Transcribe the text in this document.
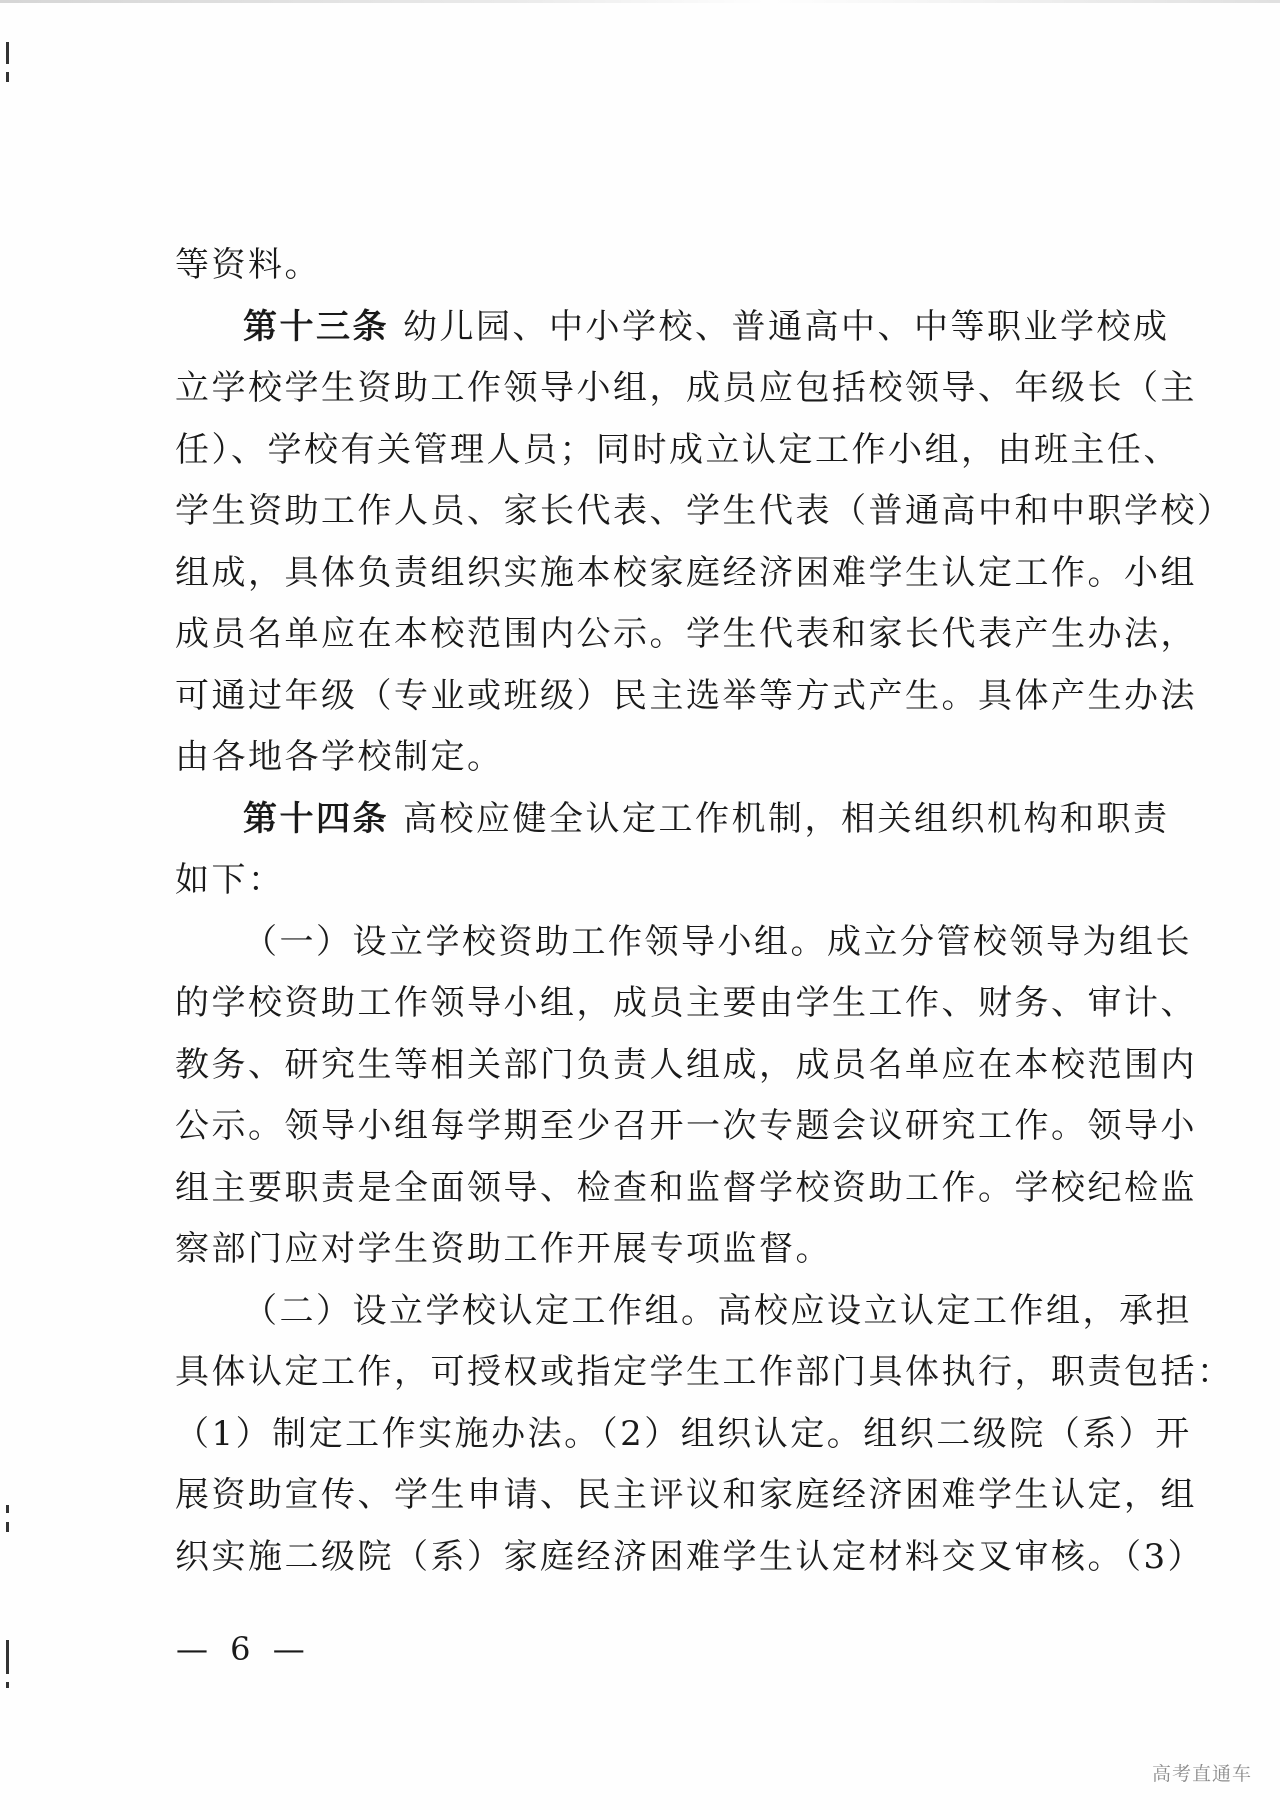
等资料。
第十三条 幼儿园、中小学校、普通高中、中等职业学校成
立学校学生资助工作领导小组，成员应包括校领导、年级长（主
任）、学校有关管理人员；同时成立认定工作小组，由班主任、
学生资助工作人员、家长代表、学生代表（普通高中和中职学校）
组成，具体负责组织实施本校家庭经济困难学生认定工作。小组
成员名单应在本校范围内公示。学生代表和家长代表产生办法，
可通过年级（专业或班级）民主选举等方式产生。具体产生办法
由各地各学校制定。
第十四条 高校应健全认定工作机制，相关组织机构和职责
如下：
（一）设立学校资助工作领导小组。成立分管校领导为组长
的学校资助工作领导小组，成员主要由学生工作、财务、审计、
教务、研究生等相关部门负责人组成，成员名单应在本校范围内
公示。领导小组每学期至少召开一次专题会议研究工作。领导小
组主要职责是全面领导、检查和监督学校资助工作。学校纪检监
察部门应对学生资助工作开展专项监督。
（二）设立学校认定工作组。高校应设立认定工作组，承担
具体认定工作，可授权或指定学生工作部门具体执行，职责包括：
（1）制定工作实施办法。（2）组织认定。组织二级院（系）开
展资助宣传、学生申请、民主评议和家庭经济困难学生认定，组
织实施二级院（系）家庭经济困难学生认定材料交叉审核。（3）
— 6 —
高考直通车
